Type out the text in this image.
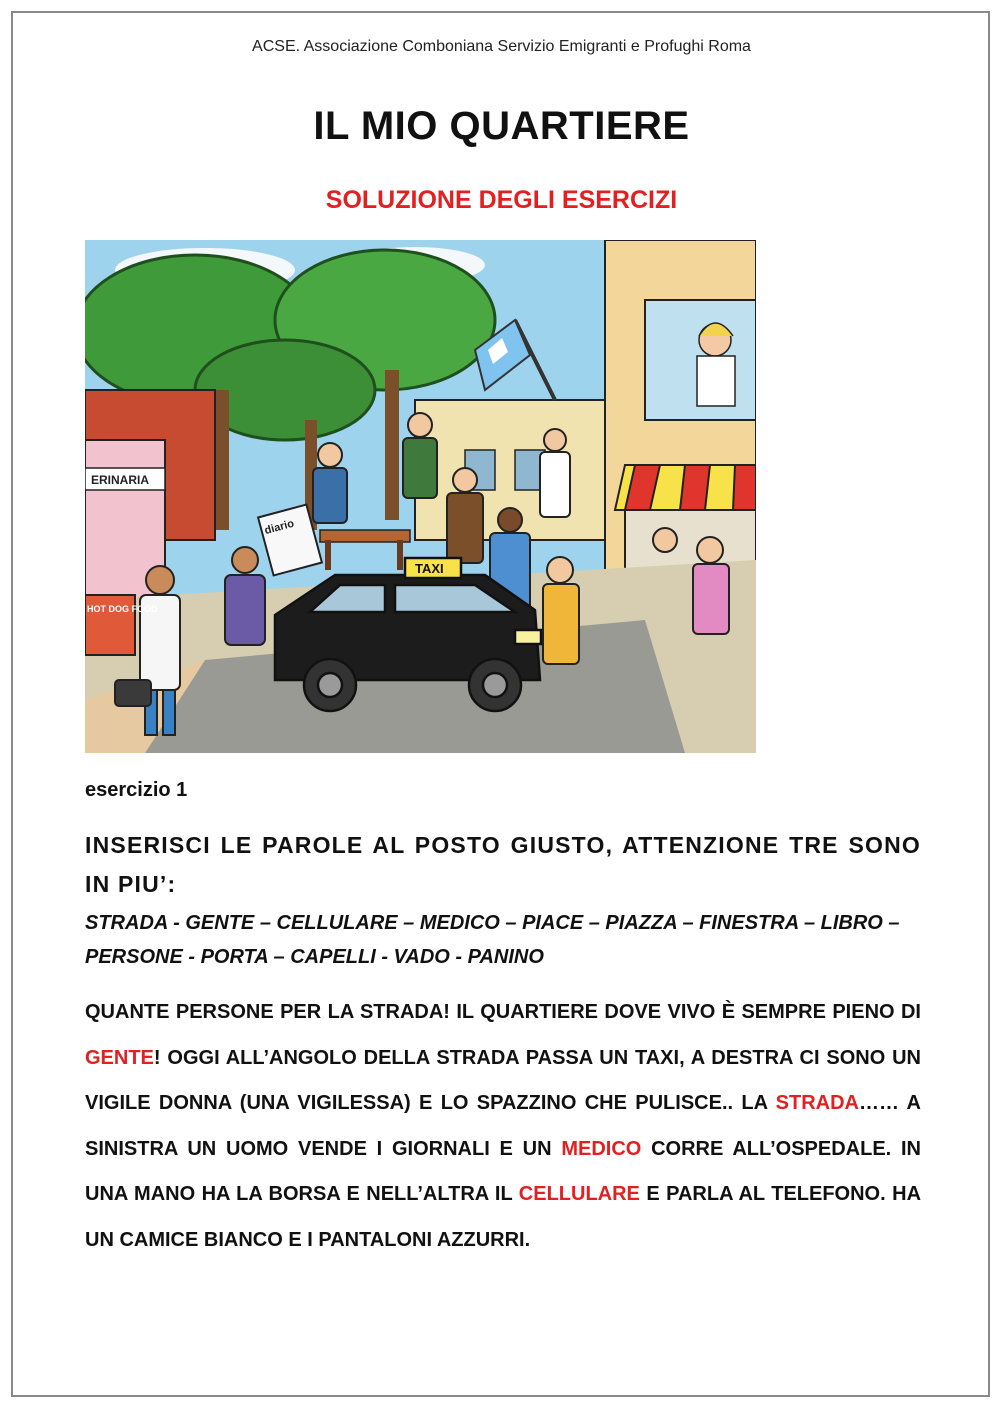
ACSE. Associazione Comboniana Servizio Emigranti e Profughi Roma
IL MIO QUARTIERE
SOLUZIONE DEGLI ESERCIZI
ERINARIA
diario
TAXI
HOT DOG FOOD
esercizio 1
INSERISCI LE PAROLE AL POSTO GIUSTO, ATTENZIONE TRE SONO IN PIU’:
STRADA - GENTE – CELLULARE – MEDICO – PIACE – PIAZZA – FINESTRA – LIBRO –
PERSONE - PORTA – CAPELLI - VADO - PANINO
QUANTE PERSONE PER LA STRADA! IL QUARTIERE DOVE VIVO È SEMPRE PIENO DI GENTE! OGGI ALL’ANGOLO DELLA STRADA PASSA UN TAXI, A DESTRA CI SONO UN VIGILE DONNA (UNA VIGILESSA) E LO SPAZZINO CHE PULISCE.. LA STRADA…… A SINISTRA UN UOMO VENDE I GIORNALI E UN MEDICO CORRE ALL’OSPEDALE. IN UNA MANO HA LA BORSA E NELL’ALTRA IL CELLULARE E PARLA AL TELEFONO. HA UN CAMICE BIANCO E I PANTALONI AZZURRI.
